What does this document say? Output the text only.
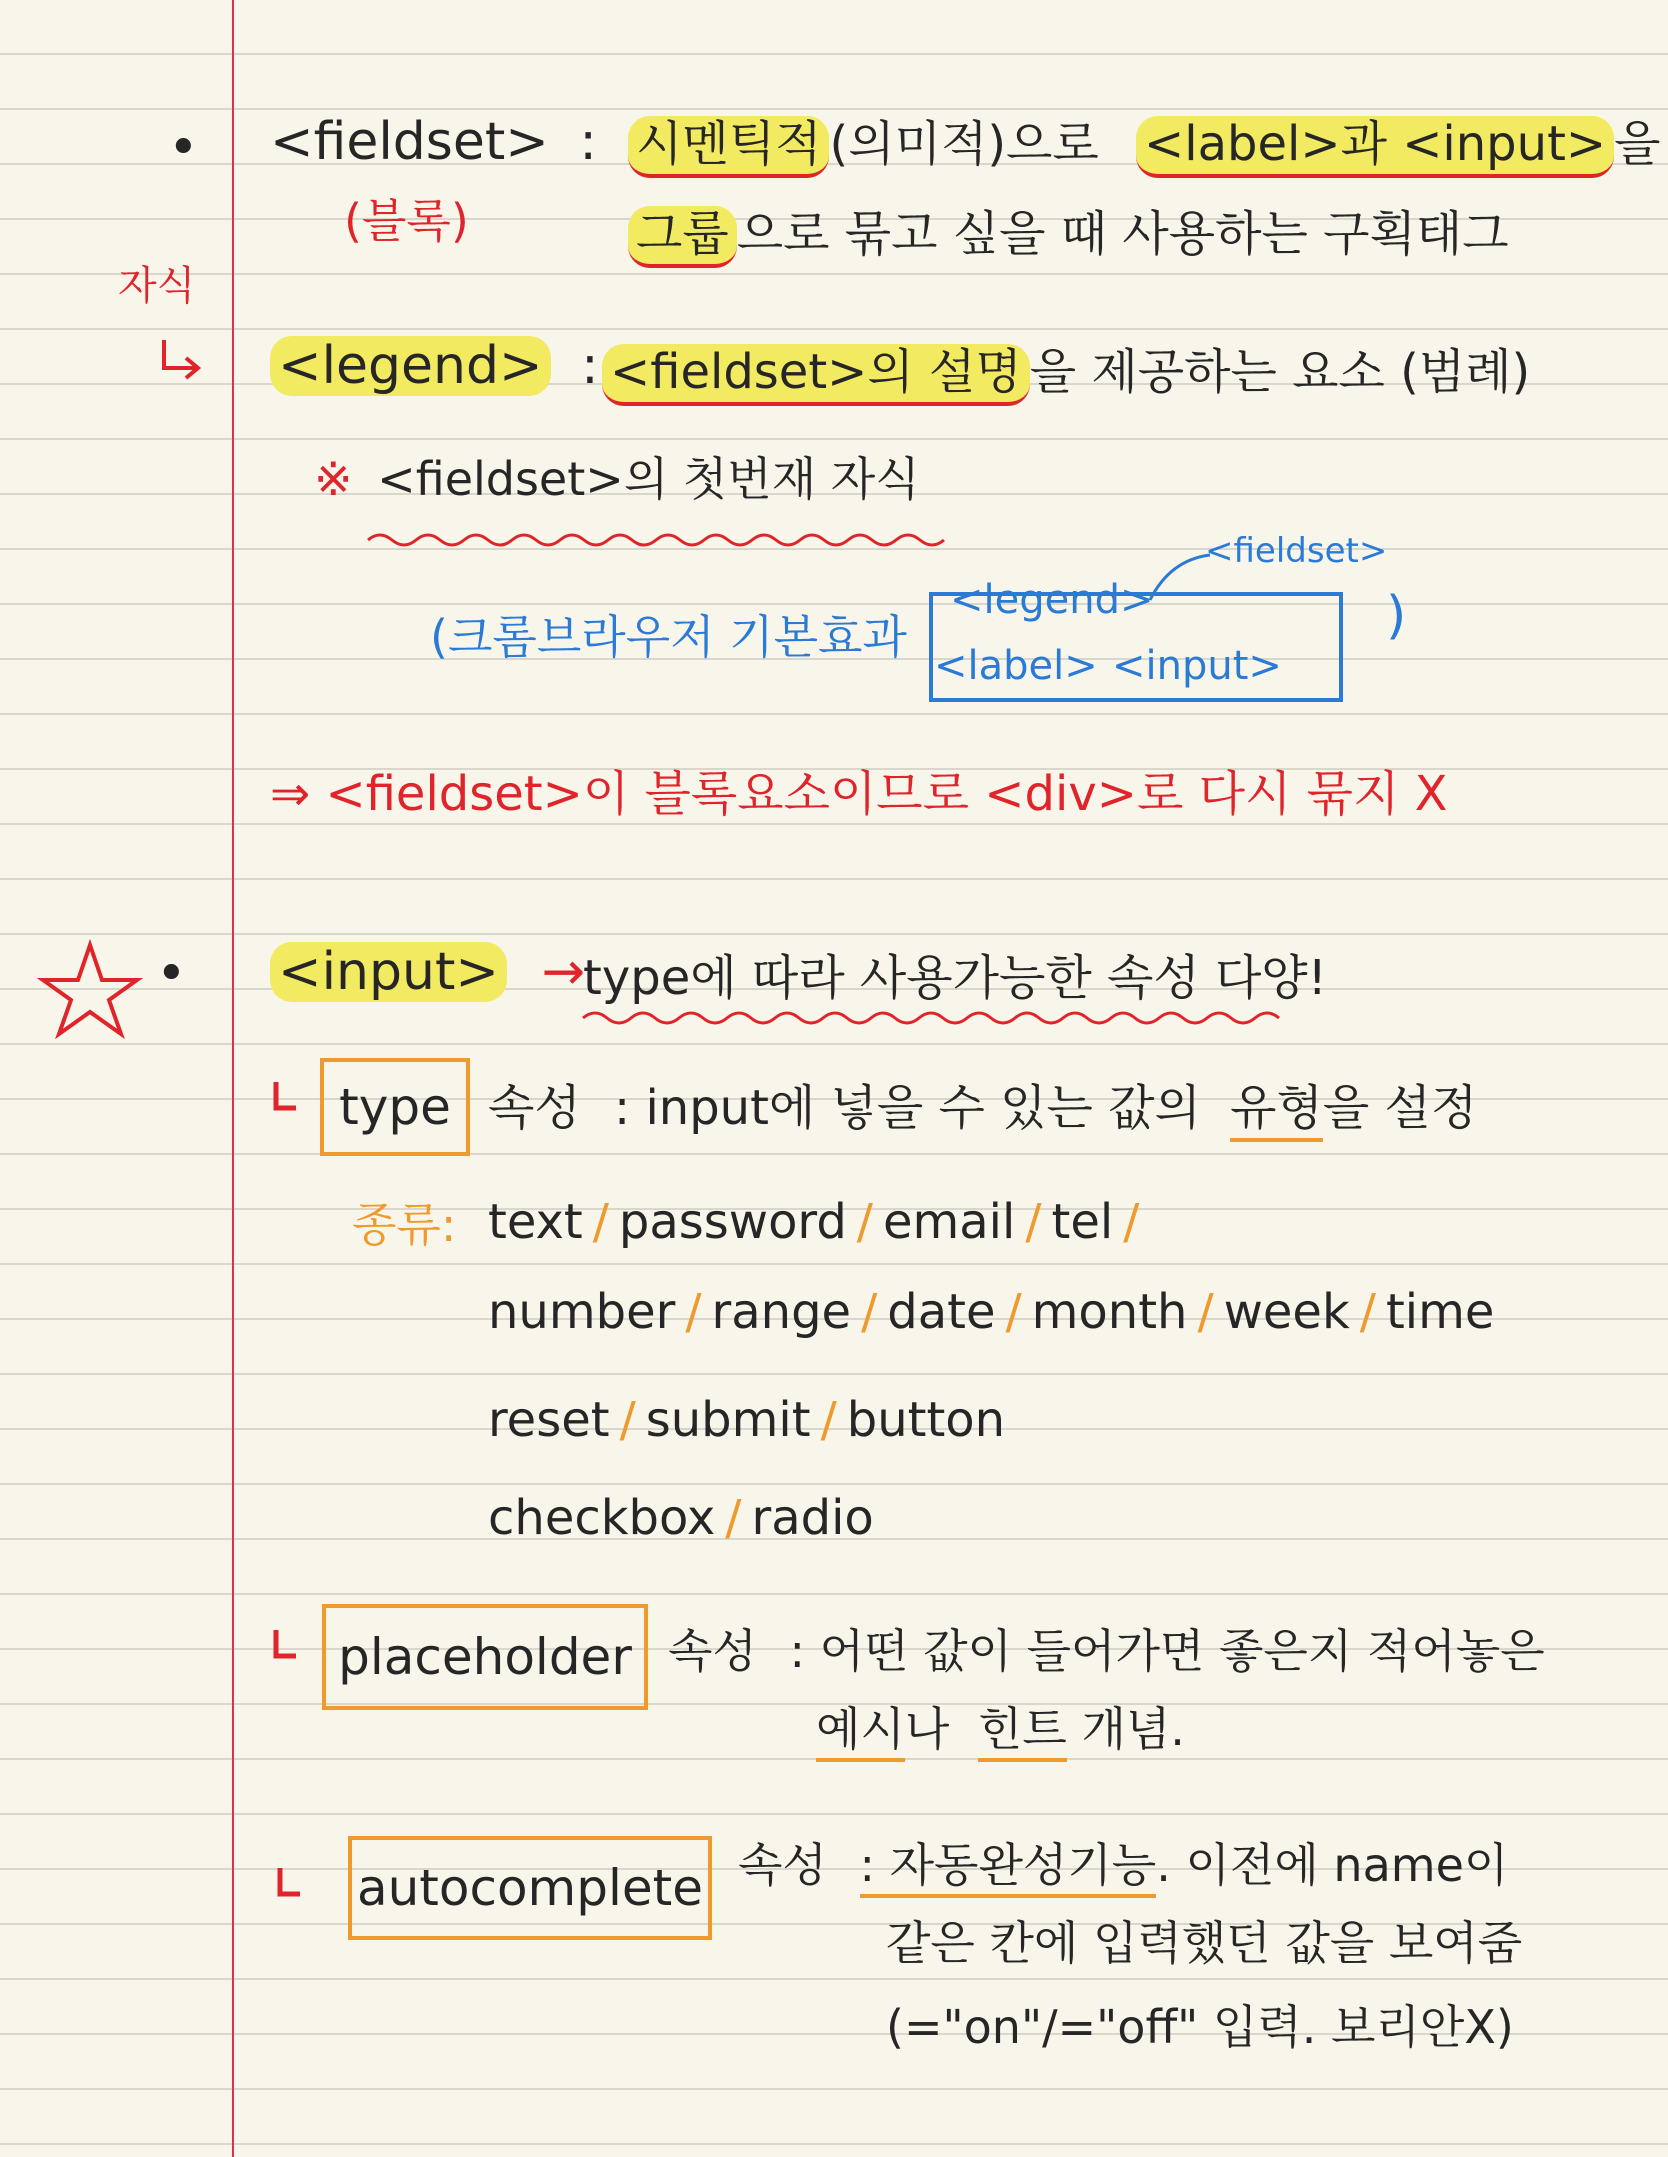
• <fieldset> : 시멘틱적 (의미적)으로 <label>과 <input> 을
(블록)	그룹 으로 묶고 싶을 때 사용하는 구획태그
자식
<legend> : <fieldset>의 설명 을 제공하는 요소 (범례)
※ <fieldset>의 첫번재 자식
(크롬브라우저 기본효과
<fieldset>
<legend>
<label> <input>
)
⇒ <fieldset>이 블록요소이므로 <div>로 다시 묶지 X
• <input> →
type에 따라 사용가능한 속성 다양!
type 속성 : input에 넣을 수 있는 값의 유형을 설정
종류: text / password / email / tel /
number / range / date / month / week / time
reset / submit / button
checkbox / radio
placeholder 속성 : 어떤 값이 들어가면 좋은지 적어놓은
예시나 힌트 개념.
autocomplete 속성 : 자동완성기능. 이전에 name이
같은 칸에 입력했던 값을 보여줌
(="on"/="off" 입력. 보리안X)
